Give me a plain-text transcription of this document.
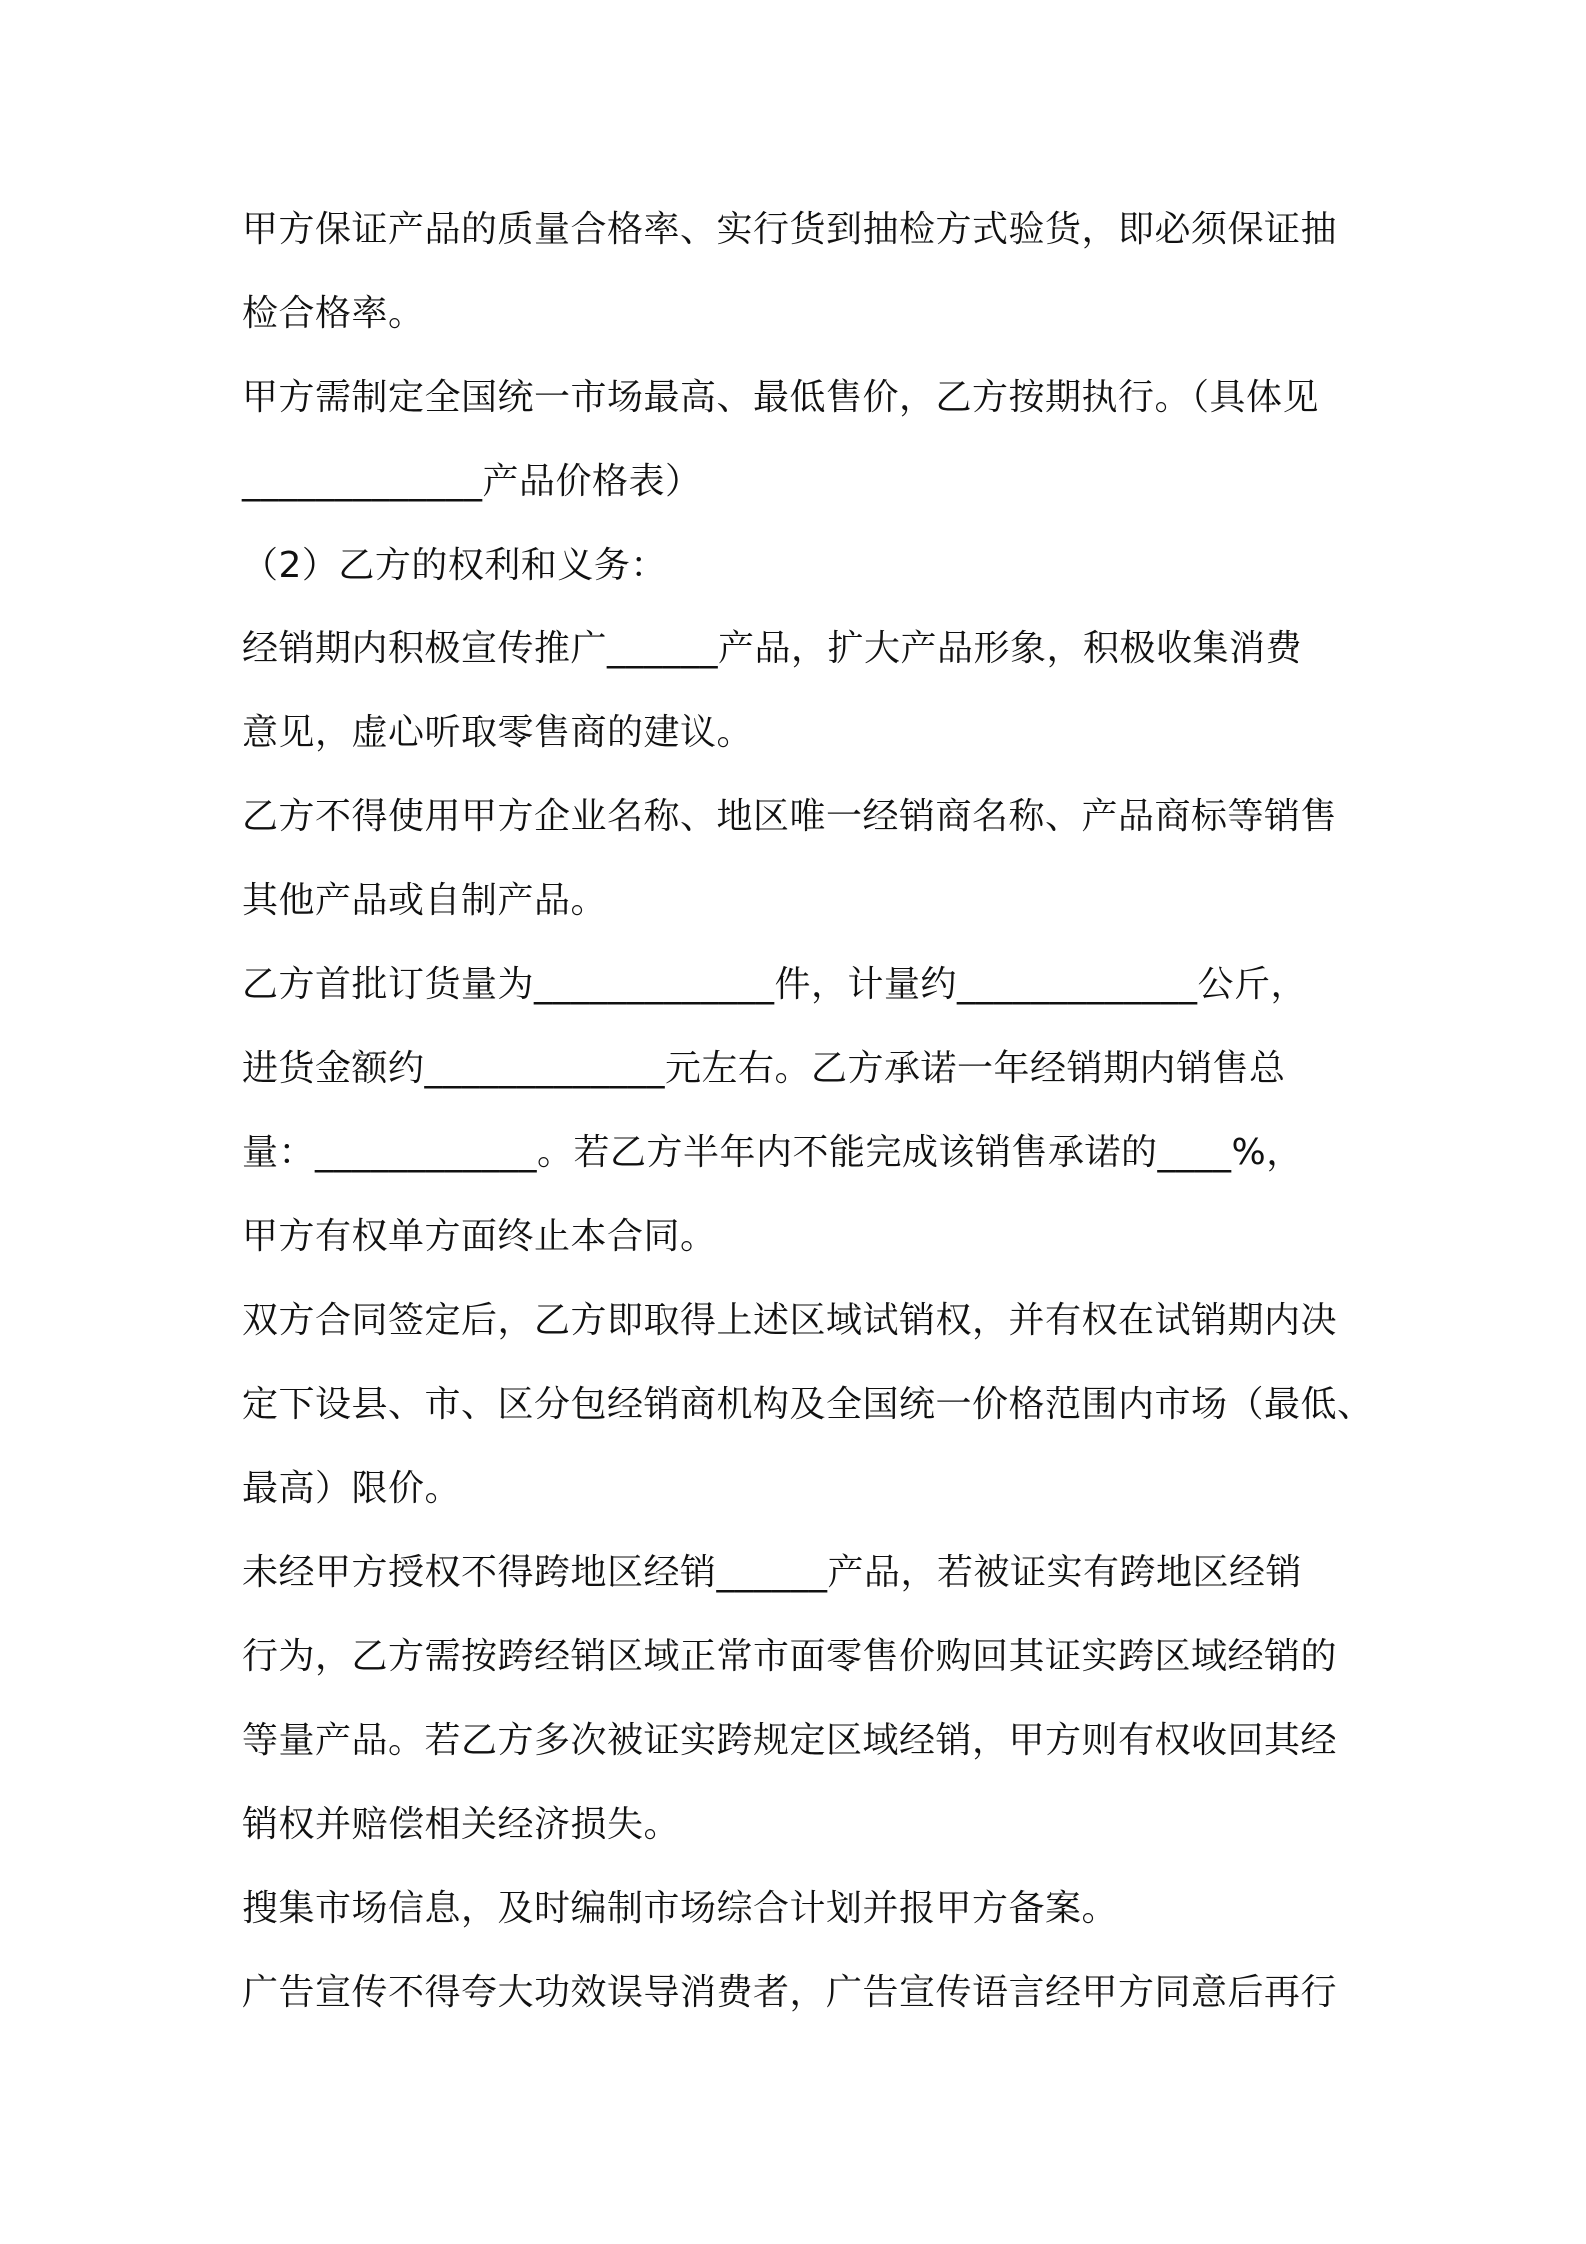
甲方保证产品的质量合格率、实行货到抽检方式验货，即必须保证抽

检合格率。

甲方需制定全国统一市场最高、最低售价，乙方按期执行。（具体见

_____________产品价格表）

（2）乙方的权利和义务：

经销期内积极宣传推广______产品，扩大产品形象，积极收集消费

意见，虚心听取零售商的建议。

乙方不得使用甲方企业名称、地区唯一经销商名称、产品商标等销售

其他产品或自制产品。

乙方首批订货量为_____________件，计量约_____________公斤，

进货金额约_____________元左右。乙方承诺一年经销期内销售总

量：____________。若乙方半年内不能完成该销售承诺的____%，

甲方有权单方面终止本合同。

双方合同签定后，乙方即取得上述区域试销权，并有权在试销期内决

定下设县、市、区分包经销商机构及全国统一价格范围内市场（最低、

最高）限价。

未经甲方授权不得跨地区经销______产品，若被证实有跨地区经销

行为，乙方需按跨经销区域正常市面零售价购回其证实跨区域经销的

等量产品。若乙方多次被证实跨规定区域经销，甲方则有权收回其经

销权并赔偿相关经济损失。

搜集市场信息，及时编制市场综合计划并报甲方备案。

广告宣传不得夸大功效误导消费者，广告宣传语言经甲方同意后再行
